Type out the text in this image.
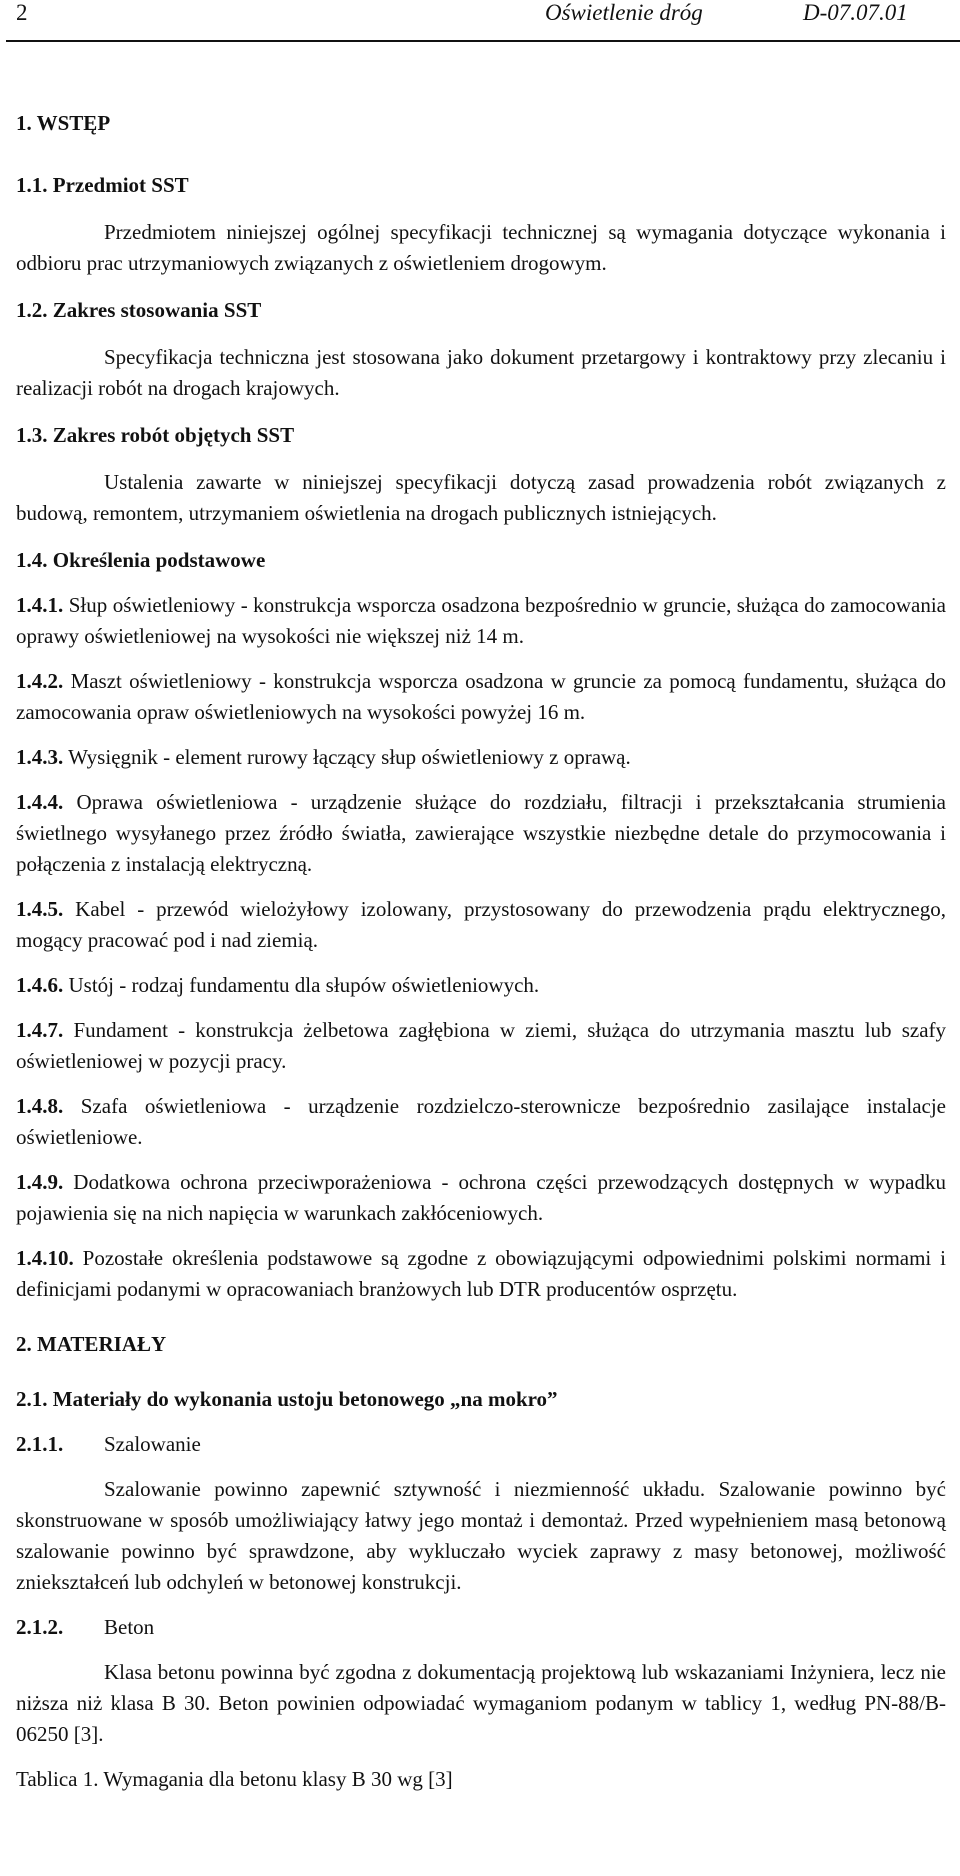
2	Oświetlenie dróg	D-07.07.01
1. WSTĘP
1.1. Przedmiot SST

Przedmiotem niniejszej ogólnej specyfikacji technicznej są wymagania dotyczące wykonania i odbioru prac utrzymaniowych związanych z oświetleniem drogowym.

1.2. Zakres stosowania SST

Specyfikacja techniczna jest stosowana jako dokument przetargowy i kontraktowy przy zlecaniu i realizacji robót na drogach krajowych.

1.3. Zakres robót objętych SST

Ustalenia zawarte w niniejszej specyfikacji dotyczą zasad prowadzenia robót związanych z budową, remontem, utrzymaniem oświetlenia na drogach publicznych istniejących.

1.4. Określenia podstawowe

1.4.1. Słup oświetleniowy - konstrukcja wsporcza osadzona bezpośrednio w gruncie, służąca do zamocowania oprawy oświetleniowej na wysokości nie większej niż 14 m.

1.4.2. Maszt oświetleniowy - konstrukcja wsporcza osadzona w gruncie za pomocą fundamentu, służąca do zamocowania opraw oświetleniowych na wysokości powyżej 16 m.

1.4.3. Wysięgnik - element rurowy łączący słup oświetleniowy z oprawą.

1.4.4. Oprawa oświetleniowa - urządzenie służące do rozdziału, filtracji i przekształcania strumienia świetlnego wysyłanego przez źródło światła, zawierające wszystkie niezbędne detale do przymocowania i połączenia z instalacją elektryczną.

1.4.5. Kabel - przewód wielożyłowy izolowany, przystosowany do przewodzenia prądu elektrycznego, mogący pracować pod i nad ziemią.

1.4.6. Ustój - rodzaj fundamentu dla słupów oświetleniowych.

1.4.7. Fundament - konstrukcja żelbetowa zagłębiona w ziemi, służąca do utrzymania masztu lub szafy oświetleniowej w pozycji pracy.

1.4.8. Szafa oświetleniowa - urządzenie rozdzielczo-sterownicze bezpośrednio zasilające instalacje oświetleniowe.

1.4.9. Dodatkowa ochrona przeciwporażeniowa - ochrona części przewodzących dostępnych w wypadku pojawienia się na nich napięcia w warunkach zakłóceniowych.

1.4.10. Pozostałe określenia podstawowe są zgodne z obowiązującymi odpowiednimi polskimi normami i definicjami podanymi w opracowaniach branżowych lub DTR producentów osprzętu.

2. MATERIAŁY
2.1. Materiały do wykonania ustoju betonowego „na mokro”
2.1.1.	Szalowanie

Szalowanie powinno zapewnić sztywność i niezmienność układu. Szalowanie powinno być skonstruowane w sposób umożliwiający łatwy jego montaż i demontaż. Przed wypełnieniem masą betonową szalowanie powinno być sprawdzone, aby wykluczało wyciek zaprawy z masy betonowej, możliwość zniekształceń lub odchyleń w betonowej konstrukcji.

2.1.2.	Beton

Klasa betonu powinna być zgodna z dokumentacją projektową lub wskazaniami Inżyniera, lecz nie niższa niż klasa B 30. Beton powinien odpowiadać wymaganiom podanym w tablicy 1, według PN-88/B-06250 [3].

Tablica 1. Wymagania dla betonu klasy B 30 wg [3]
